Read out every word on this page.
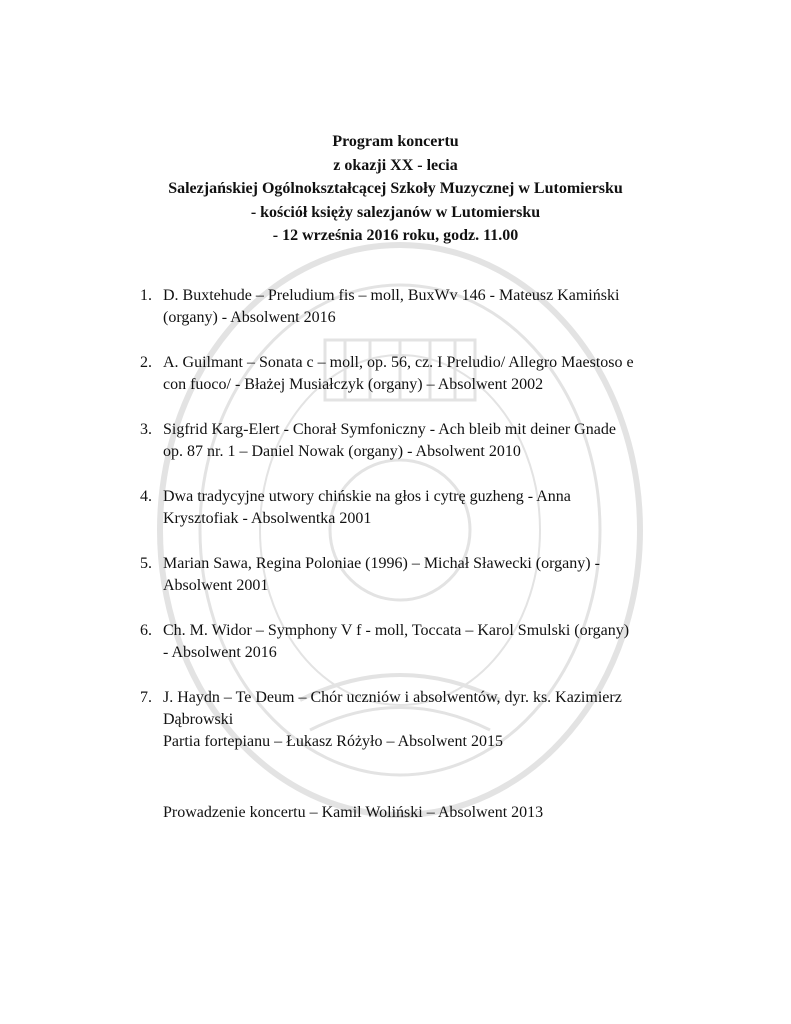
Program koncertu
z okazji XX - lecia
Salezjańskiej Ogólnokształcącej Szkoły Muzycznej w Lutomiersku
- kościół księży salezjanów w Lutomiersku
- 12 września 2016 roku, godz. 11.00
1. D. Buxtehude – Preludium fis – moll, BuxWv 146 - Mateusz Kamiński
(organy) - Absolwent 2016
2. A. Guilmant – Sonata c – moll, op. 56, cz. I Preludio/ Allegro Maestoso e
con fuoco/ - Błażej Musiałczyk (organy) – Absolwent 2002
3. Sigfrid Karg-Elert - Chorał Symfoniczny - Ach bleib mit deiner Gnade
op. 87 nr. 1 – Daniel Nowak (organy) - Absolwent 2010
4. Dwa tradycyjne utwory chińskie na głos i cytrę guzheng - Anna
Krysztofiak - Absolwentka 2001
5. Marian Sawa, Regina Poloniae (1996) – Michał Sławecki (organy) -
Absolwent 2001
6. Ch. M. Widor – Symphony V f - moll, Toccata – Karol Smulski (organy)
- Absolwent 2016
7. J. Haydn – Te Deum – Chór uczniów i absolwentów, dyr. ks. Kazimierz
Dąbrowski
Partia fortepianu – Łukasz Różyło – Absolwent 2015
Prowadzenie koncertu – Kamil Woliński – Absolwent 2013
